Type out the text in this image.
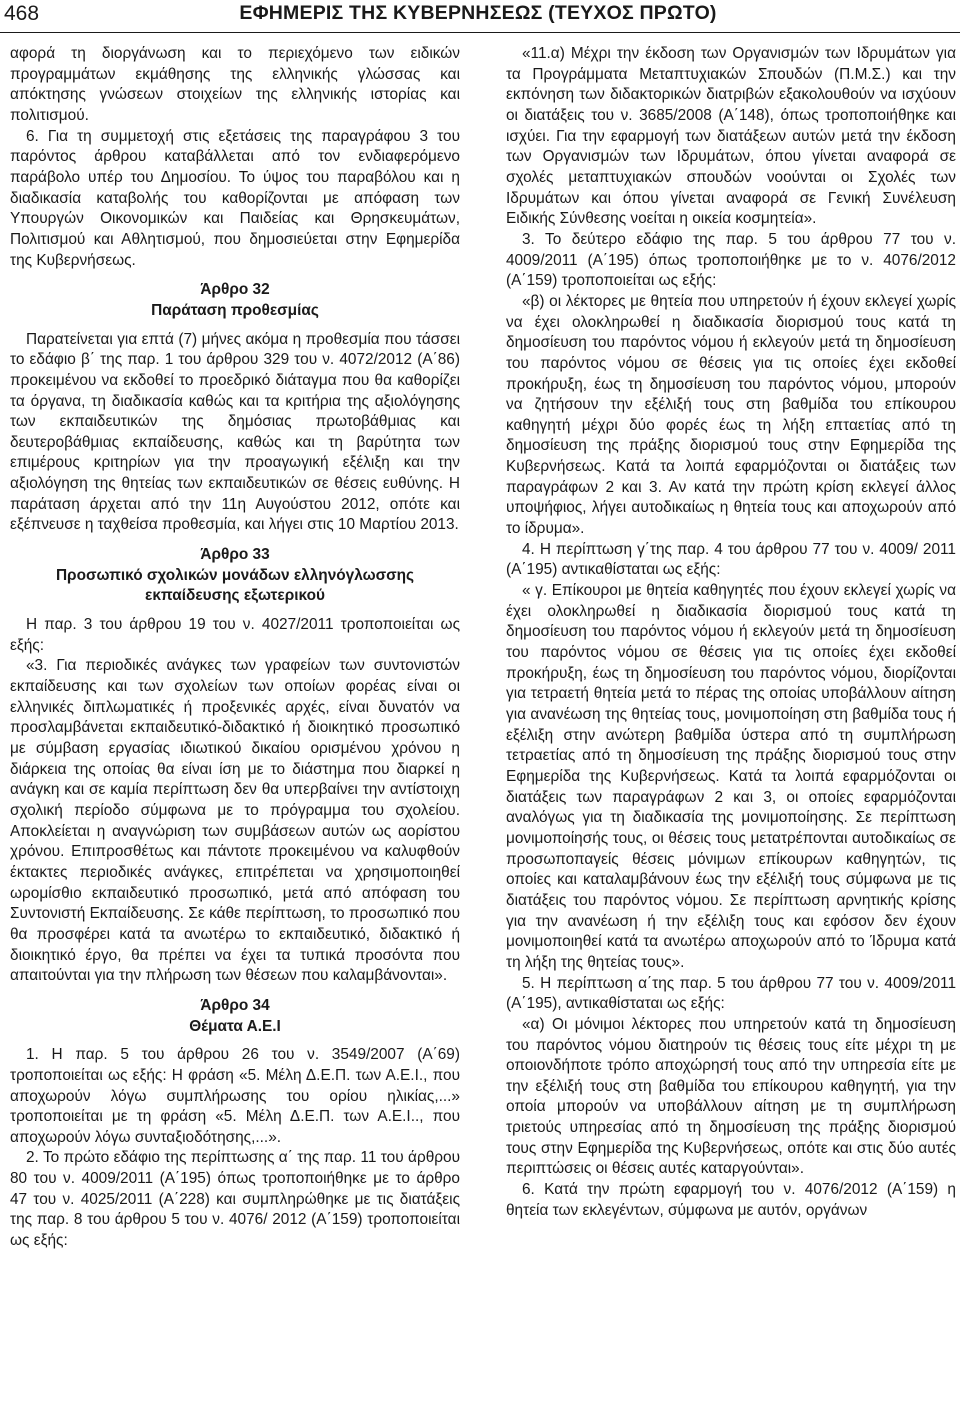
468	ΕΦΗΜΕΡΙΣ ΤΗΣ ΚΥΒΕΡΝΗΣΕΩΣ (ΤΕΥΧΟΣ ΠΡΩΤΟ)

αφορά τη διοργάνωση και το περιεχόμενο των ειδικών προγραμμάτων εκμάθησης της ελληνικής γλώσσας και απόκτησης γνώσεων στοιχείων της ελληνικής ιστορίας και πολιτισμού.

6. Για τη συμμετοχή στις εξετάσεις της παραγράφου 3 του παρόντος άρθρου καταβάλλεται από τον ενδιαφερόμενο παράβολο υπέρ του Δημοσίου. Το ύψος του παραβόλου και η διαδικασία καταβολής του καθορίζονται με απόφαση των Υπουργών Οικονομικών και Παιδείας και Θρησκευμάτων, Πολιτισμού και Αθλητισμού, που δημοσιεύεται στην Εφημερίδα της Κυβερνήσεως.

Άρθρο 32

Παράταση προθεσμίας

Παρατείνεται για επτά (7) μήνες ακόμα η προθεσμία που τάσσει το εδάφιο β΄ της παρ. 1 του άρθρου 329 του ν. 4072/2012 (Α΄86) προκειμένου να εκδοθεί το προεδρικό διάταγμα που θα καθορίζει τα όργανα, τη διαδικασία καθώς και τα κριτήρια της αξιολόγησης των εκπαιδευτικών της δημόσιας πρωτοβάθμιας και δευτεροβάθμιας εκπαίδευσης, καθώς και τη βαρύτητα των επιμέρους κριτηρίων για την προαγωγική εξέλιξη και την αξιολόγηση της θητείας των εκπαιδευτικών σε θέσεις ευθύνης. Η παράταση άρχεται από την 11η Αυγούστου 2012, οπότε και εξέπνευσε η ταχθείσα προθεσμία, και λήγει στις 10 Μαρτίου 2013.

Άρθρο 33

Προσωπικό σχολικών μονάδων ελληνόγλωσσης εκπαίδευσης εξωτερικού

Η παρ. 3 του άρθρου 19 του ν. 4027/2011 τροποποιείται ως εξής:

«3. Για περιοδικές ανάγκες των γραφείων των συντονιστών εκπαίδευσης και των σχολείων των οποίων φορέας είναι οι ελληνικές διπλωματικές ή προξενικές αρχές, είναι δυνατόν να προσλαμβάνεται εκπαιδευτικό-διδακτικό ή διοικητικό προσωπικό με σύμβαση εργασίας ιδιωτικού δικαίου ορισμένου χρόνου η διάρκεια της οποίας θα είναι ίση με το διάστημα που διαρκεί η ανάγκη και σε καμία περίπτωση δεν θα υπερβαίνει την αντίστοιχη σχολική περίοδο σύμφωνα με το πρόγραμμα του σχολείου. Αποκλείεται η αναγνώριση των συμβάσεων αυτών ως αορίστου χρόνου. Επιπροσθέτως και πάντοτε προκειμένου να καλυφθούν έκτακτες περιοδικές ανάγκες, επιτρέπεται να χρησιμοποιηθεί ωρομίσθιο εκπαιδευτικό προσωπικό, μετά από απόφαση του Συντονιστή Εκπαίδευσης. Σε κάθε περίπτωση, το προσωπικό που θα προσφέρει κατά τα ανωτέρω το εκπαιδευτικό, διδακτικό ή διοικητικό έργο, θα πρέπει να έχει τα τυπικά προσόντα που απαιτούνται για την πλήρωση των θέσεων που καλαμβάνονται».

Άρθρο 34

Θέματα Α.Ε.Ι

1. Η παρ. 5 του άρθρου 26 του ν. 3549/2007 (Α΄69) τροποποιείται ως εξής: Η φράση «5. Μέλη Δ.Ε.Π. των Α.Ε.Ι., που αποχωρούν λόγω συμπλήρωσης του ορίου ηλικίας,...» τροποποιείται με τη φράση «5. Μέλη Δ.Ε.Π. των Α.Ε.Ι.., που αποχωρούν λόγω συνταξιοδότησης,...».

2. Το πρώτο εδάφιο της περίπτωσης α΄ της παρ. 11 του άρθρου 80 του ν. 4009/2011 (Α΄195) όπως τροποποιήθηκε με το άρθρο 47 του ν. 4025/2011 (Α΄228) και συμπληρώθηκε με τις διατάξεις της παρ. 8 του άρθρου 5 του ν. 4076/ 2012 (Α΄159) τροποποιείται ως εξής:

«11.α) Μέχρι την έκδοση των Οργανισμών των Ιδρυμάτων για τα Προγράμματα Μεταπτυχιακών Σπουδών (Π.Μ.Σ.) και την εκπόνηση των διδακτορικών διατριβών εξακολουθούν να ισχύουν οι διατάξεις του ν. 3685/2008 (Α΄148), όπως τροποποιήθηκε και ισχύει. Για την εφαρμογή των διατάξεων αυτών μετά την έκδοση των Οργανισμών των Ιδρυμάτων, όπου γίνεται αναφορά σε σχολές μεταπτυχιακών σπουδών νοούνται οι Σχολές των Ιδρυμάτων και όπου γίνεται αναφορά σε Γενική Συνέλευση Ειδικής Σύνθεσης νοείται η οικεία κοσμητεία».

3. Το δεύτερο εδάφιο της παρ. 5 του άρθρου 77 του ν. 4009/2011 (Α΄195) όπως τροποποιήθηκε με το ν. 4076/2012 (Α΄159) τροποποιείται ως εξής:

«β) οι λέκτορες με θητεία που υπηρετούν ή έχουν εκλεγεί χωρίς να έχει ολοκληρωθεί η διαδικασία διορισμού τους κατά τη δημοσίευση του παρόντος νόμου ή εκλεγούν μετά τη δημοσίευση του παρόντος νόμου σε θέσεις για τις οποίες έχει εκδοθεί προκήρυξη, έως τη δημοσίευση του παρόντος νόμου, μπορούν να ζητήσουν την εξέλιξή τους στη βαθμίδα του επίκουρου καθηγητή μέχρι δύο φορές έως τη λήξη επταετίας από τη δημοσίευση της πράξης διορισμού τους στην Εφημερίδα της Κυβερνήσεως. Κατά τα λοιπά εφαρμόζονται οι διατάξεις των παραγράφων 2 και 3. Αν κατά την πρώτη κρίση εκλεγεί άλλος υποψήφιος, λήγει αυτοδικαίως η θητεία τους και αποχωρούν από το ίδρυμα».

4. Η περίπτωση γ΄της παρ. 4 του άρθρου 77 του ν. 4009/ 2011 (Α΄195) αντικαθίσταται ως εξής:

« γ. Επίκουροι με θητεία καθηγητές που έχουν εκλεγεί χωρίς να έχει ολοκληρωθεί η διαδικασία διορισμού τους κατά τη δημοσίευση του παρόντος νόμου ή εκλεγούν μετά τη δημοσίευση του παρόντος νόμου σε θέσεις για τις οποίες έχει εκδοθεί προκήρυξη, έως τη δημοσίευση του παρόντος νόμου, διορίζονται για τετραετή θητεία μετά το πέρας της οποίας υποβάλλουν αίτηση για ανανέωση της θητείας τους, μονιμοποίηση στη βαθμίδα τους ή εξέλιξη στην ανώτερη βαθμίδα ύστερα από τη συμπλήρωση τετραετίας από τη δημοσίευση της πράξης διορισμού τους στην Εφημερίδα της Κυβερνήσεως. Κατά τα λοιπά εφαρμόζονται οι διατάξεις των παραγράφων 2 και 3, οι οποίες εφαρμόζονται αναλόγως για τη διαδικασία της μονιμοποίησης. Σε περίπτωση μονιμοποίησής τους, οι θέσεις τους μετατρέπονται αυτοδικαίως σε προσωποπαγείς θέσεις μόνιμων επίκουρων καθηγητών, τις οποίες και καταλαμβάνουν έως την εξέλιξή τους σύμφωνα με τις διατάξεις του παρόντος νόμου. Σε περίπτωση αρνητικής κρίσης για την ανανέωση ή την εξέλιξη τους και εφόσον δεν έχουν μονιμοποιηθεί κατά τα ανωτέρω αποχωρούν από το Ίδρυμα κατά τη λήξη της θητείας τους».

5. Η περίπτωση α΄της παρ. 5 του άρθρου 77 του ν. 4009/2011 (Α΄195), αντικαθίσταται ως εξής:

«α) Οι μόνιμοι λέκτορες που υπηρετούν κατά τη δημοσίευση του παρόντος νόμου διατηρούν τις θέσεις τους είτε μέχρι τη με οποιονδήποτε τρόπο αποχώρησή τους από την υπηρεσία είτε με την εξέλιξή τους στη βαθμίδα του επίκουρου καθηγητή, για την οποία μπορούν να υποβάλλουν αίτηση με τη συμπλήρωση τριετούς υπηρεσίας από τη δημοσίευση της πράξης διορισμού τους στην Εφημερίδα της Κυβερνήσεως, οπότε και στις δύο αυτές περιπτώσεις οι θέσεις αυτές καταργούνται».

6. Κατά την πρώτη εφαρμογή του ν. 4076/2012 (Α΄159) η θητεία των εκλεγέντων, σύμφωνα με αυτόν, οργάνων
